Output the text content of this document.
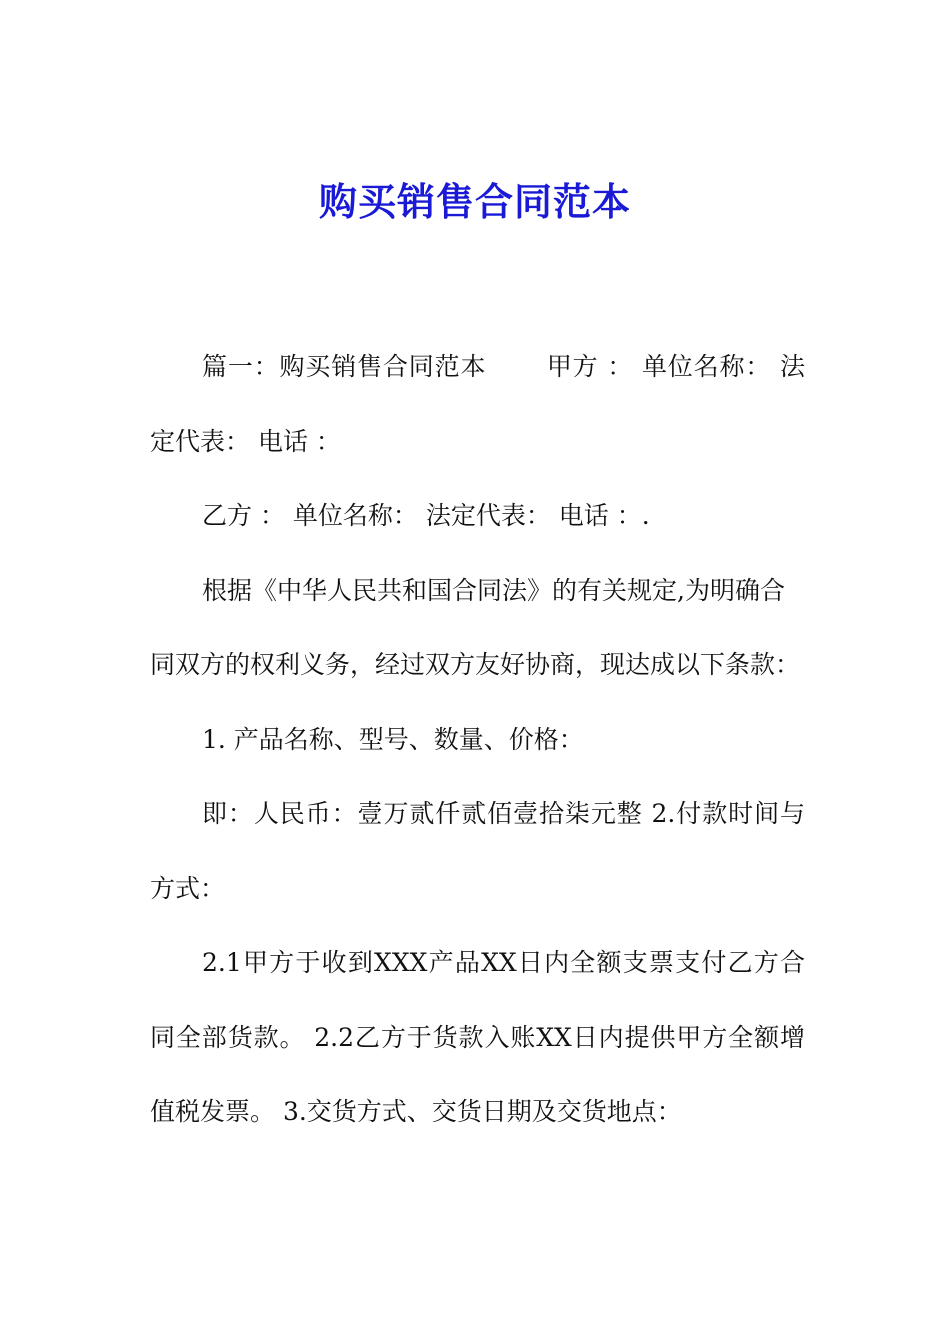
购买销售合同范本

篇一：购买销售合同范本　　 甲方 ： 单位名称： 法定代表： 电话 ：

乙方 ： 单位名称： 法定代表： 电话 ：.

根据《中华人民共和国合同法》的有关规定,为明确合同双方的权利义务，经过双方友好协商，现达成以下条款：

1. 产品名称、型号、数量、价格：

即：人民币：壹万贰仟贰佰壹拾柒元整 2.付款时间与方式：

2.1甲方于收到XXX产品XX日内全额支票支付乙方合同全部货款。 2.2乙方于货款入账XX日内提供甲方全额增值税发票。 3.交货方式、交货日期及交货地点：
